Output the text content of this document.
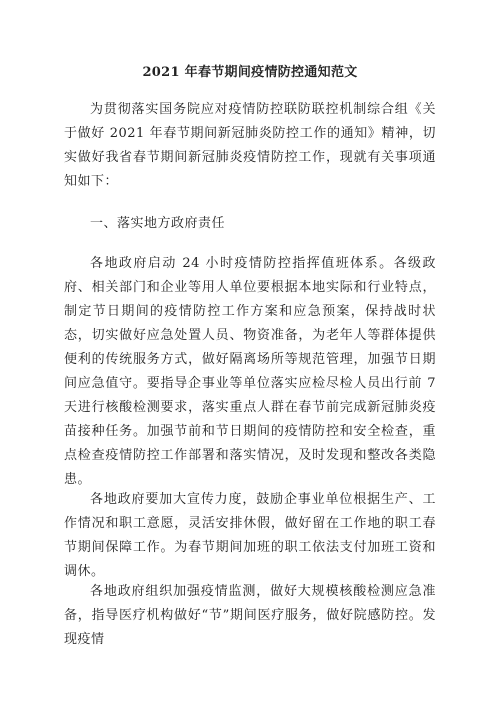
2021 年春节期间疫情防控通知范文
为贯彻落实国务院应对疫情防控联防联控机制综合组《关于做好 2021 年春节期间新冠肺炎防控工作的通知》精神，切实做好我省春节期间新冠肺炎疫情防控工作，现就有关事项通知如下：
一、落实地方政府责任
各地政府启动 24 小时疫情防控指挥值班体系。各级政府、相关部门和企业等用人单位要根据本地实际和行业特点，制定节日期间的疫情防控工作方案和应急预案，保持战时状态，切实做好应急处置人员、物资准备，为老年人等群体提供便利的传统服务方式，做好隔离场所等规范管理，加强节日期间应急值守。要指导企事业等单位落实应检尽检人员出行前 7 天进行核酸检测要求，落实重点人群在春节前完成新冠肺炎疫苗接种任务。加强节前和节日期间的疫情防控和安全检查，重点检查疫情防控工作部署和落实情况，及时发现和整改各类隐患。
各地政府要加大宣传力度，鼓励企事业单位根据生产、工作情况和职工意愿，灵活安排休假，做好留在工作地的职工春节期间保障工作。为春节期间加班的职工依法支付加班工资和调休。
各地政府组织加强疫情监测，做好大规模核酸检测应急准备，指导医疗机构做好“节”期间医疗服务，做好院感防控。发现疫情
